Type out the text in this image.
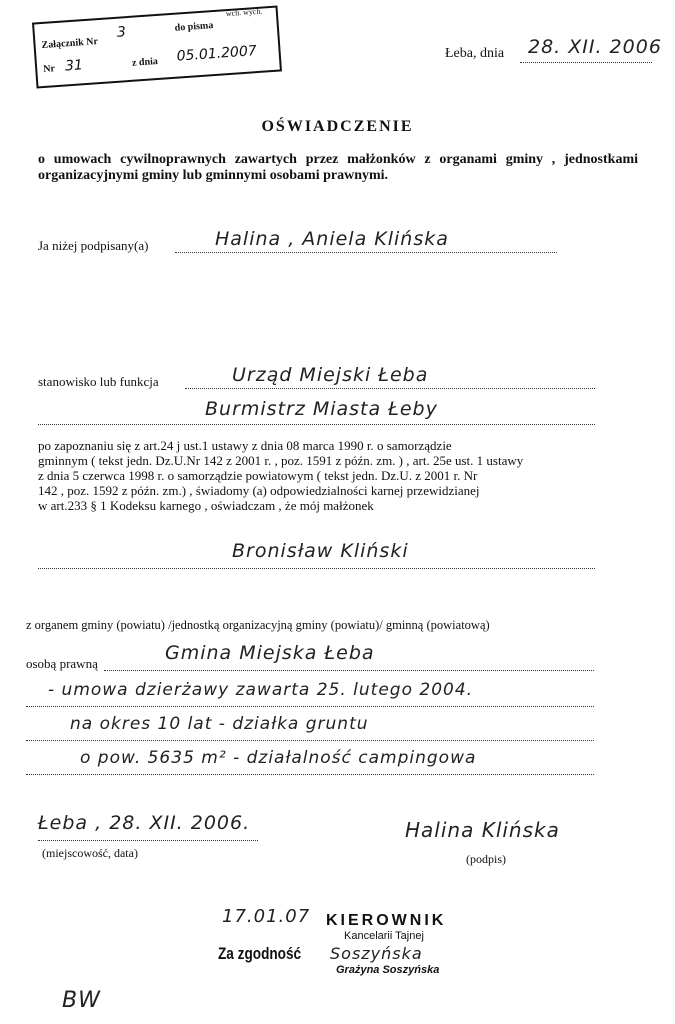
Załącznik Nr
3	do pisma
wch. wych.
Nr 31	z dnia 05.01.2007	Łeba, dnia 28. XII. 2006
OŚWIADCZENIE
o umowach cywilnoprawnych zawartych przez małżonków z organami gminy , jednostkami organizacyjnymi gminy lub gminnymi osobami prawnymi.
Ja niżej podpisany(a)	Halina , Aniela Klińska
stanowisko lub funkcja	Urząd Miejski Łeba
Burmistrz Miasta Łeby
po zapoznaniu się z art.24 j ust.1 ustawy z dnia 08 marca 1990 r. o samorządzie
gminnym ( tekst jedn. Dz.U.Nr 142 z 2001 r. , poz. 1591 z późn. zm. ) , art. 25e ust. 1 ustawy
z dnia 5 czerwca 1998 r. o samorządzie powiatowym ( tekst jedn. Dz.U. z 2001 r. Nr
142 , poz. 1592 z późn. zm.) , świadomy (a) odpowiedzialności karnej przewidzianej
w art.233 § 1 Kodeksu karnego , oświadczam , że mój małżonek
Bronisław Kliński
z organem gminy (powiatu) /jednostką organizacyjną gminy (powiatu)/ gminną (powiatową)
osobą prawną	Gmina Miejska Łeba
- umowa dzierżawy zawarta 25. lutego 2004.
na okres 10 lat - działka gruntu
o pow. 5635 m² - działalność campingowa
Łeba , 28. XII. 2006.
(miejscowość, data)
Halina Klińska
(podpis)
17.01.07
Za zgodność
KIEROWNIK
Kancelarii Tajnej
Soszyńska
Grażyna Soszyńska
BW
